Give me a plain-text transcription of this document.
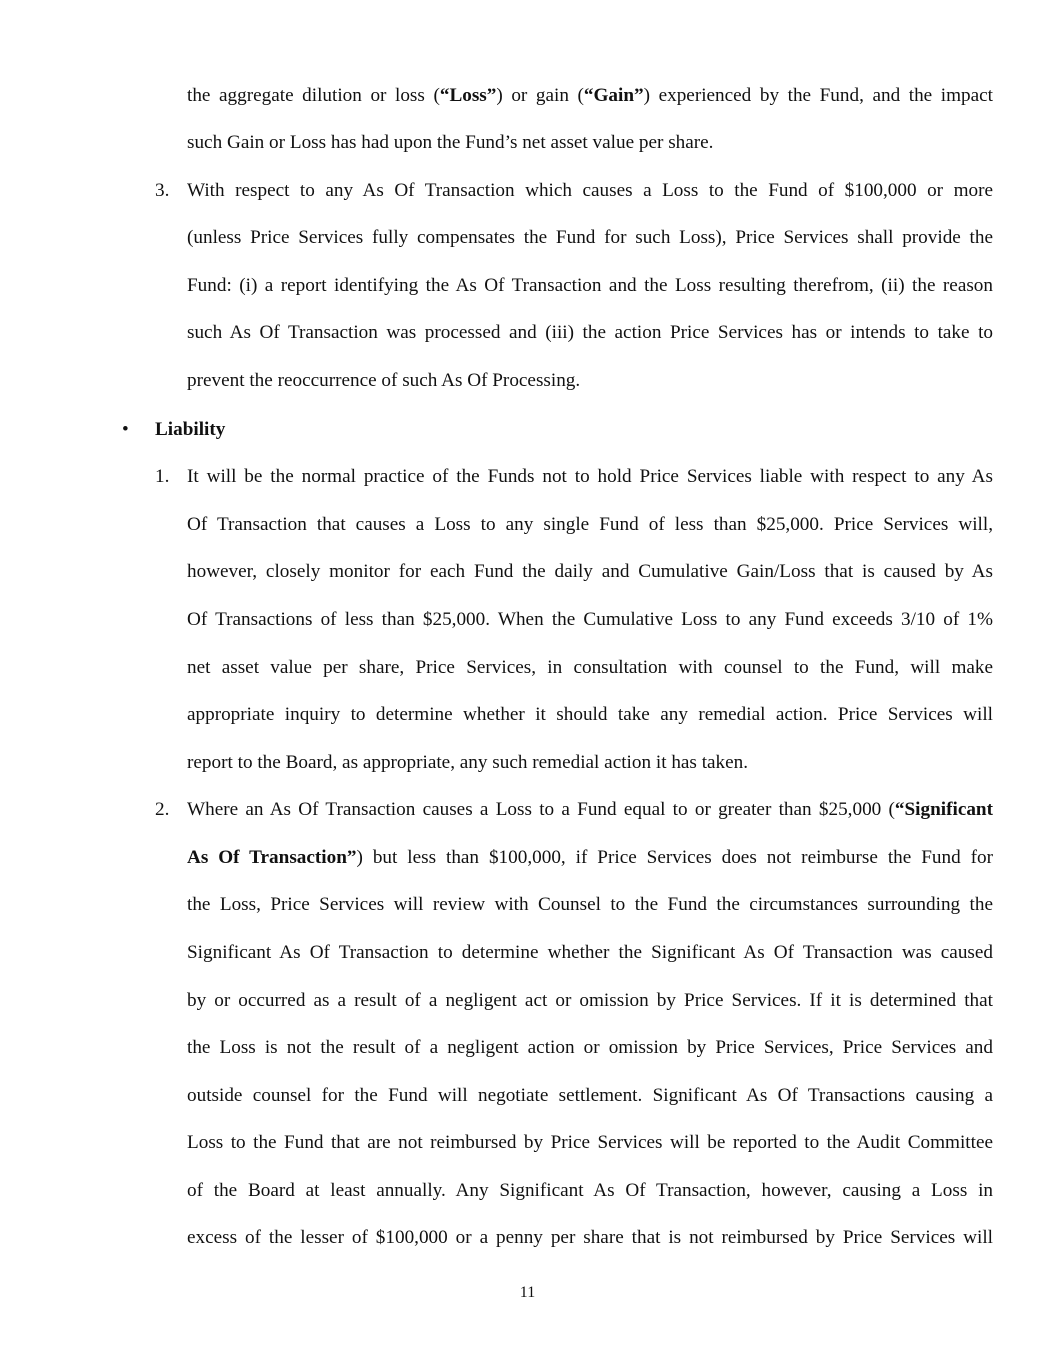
the aggregate dilution or loss (“Loss”) or gain (“Gain”) experienced by the Fund, and the impact
such Gain or Loss has had upon the Fund’s net asset value per share.
3. With respect to any As Of Transaction which causes a Loss to the Fund of $100,000 or more
(unless Price Services fully compensates the Fund for such Loss), Price Services shall provide the
Fund: (i) a report identifying the As Of Transaction and the Loss resulting therefrom, (ii) the reason
such As Of Transaction was processed and (iii) the action Price Services has or intends to take to
prevent the reoccurrence of such As Of Processing.
• Liability
1. It will be the normal practice of the Funds not to hold Price Services liable with respect to any As
Of Transaction that causes a Loss to any single Fund of less than $25,000. Price Services will,
however, closely monitor for each Fund the daily and Cumulative Gain/Loss that is caused by As
Of Transactions of less than $25,000. When the Cumulative Loss to any Fund exceeds 3/10 of 1%
net asset value per share, Price Services, in consultation with counsel to the Fund, will make
appropriate inquiry to determine whether it should take any remedial action. Price Services will
report to the Board, as appropriate, any such remedial action it has taken.
2. Where an As Of Transaction causes a Loss to a Fund equal to or greater than $25,000 (“Significant
As Of Transaction”) but less than $100,000, if Price Services does not reimburse the Fund for
the Loss, Price Services will review with Counsel to the Fund the circumstances surrounding the
Significant As Of Transaction to determine whether the Significant As Of Transaction was caused
by or occurred as a result of a negligent act or omission by Price Services. If it is determined that
the Loss is not the result of a negligent action or omission by Price Services, Price Services and
outside counsel for the Fund will negotiate settlement. Significant As Of Transactions causing a
Loss to the Fund that are not reimbursed by Price Services will be reported to the Audit Committee
of the Board at least annually. Any Significant As Of Transaction, however, causing a Loss in
excess of the lesser of $100,000 or a penny per share that is not reimbursed by Price Services will
11
